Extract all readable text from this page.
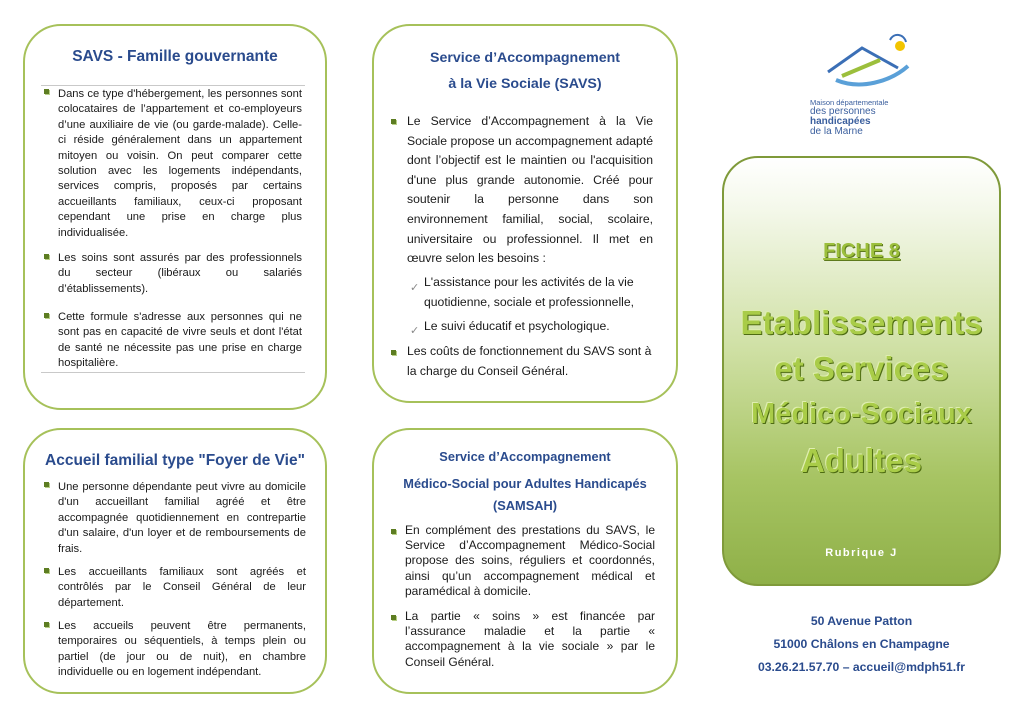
SAVS - Famille gouvernante
Dans ce type d'hébergement, les personnes sont colocataires de l’appartement et co-employeurs d’une auxiliaire de vie (ou garde-malade). Celle-ci réside généralement dans un appartement mitoyen ou voisin. On peut comparer cette solution avec les logements indépendants, services compris, proposés par certains accueillants familiaux, ceux-ci proposant cependant une prise en charge plus individualisée.
Les soins sont assurés par des professionnels du secteur (libéraux ou salariés d’établissements).
Cette formule s'adresse aux personnes qui ne sont pas en capacité de vivre seuls et dont l'état de santé ne nécessite pas une prise en charge hospitalière.
Service d’Accompagnement
à la Vie Sociale (SAVS)
Le Service d’Accompagnement à la Vie Sociale propose un accompagnement adapté dont l’objectif est le maintien ou l'acquisition d'une plus grande autonomie. Créé pour soutenir la personne dans son environnement familial, social, scolaire, universitaire ou professionnel. Il met en œuvre selon les besoins :
✓ L'assistance pour les activités de la vie quotidienne, sociale et professionnelle,
✓ Le suivi éducatif et psychologique.
Les coûts de fonctionnement du SAVS sont à la charge du Conseil Général.
Accueil familial type "Foyer de Vie"
Une personne dépendante peut vivre au domicile d'un accueillant familial agréé et être accompagnée quotidiennement en contrepartie d'un salaire, d'un loyer et de remboursements de frais.
Les accueillants familiaux sont agréés et contrôlés par le Conseil Général de leur département.
Les accueils peuvent être permanents, temporaires ou séquentiels, à temps plein ou partiel (de jour ou de nuit), en chambre individuelle ou en logement indépendant.
Service d’Accompagnement
Médico-Social pour Adultes Handicapés
(SAMSAH)
En complément des prestations du SAVS, le Service d’Accompagnement Médico-Social propose des soins, réguliers et coordonnés, ainsi qu’un accompagnement médical et paramédical à domicile.
La partie « soins » est financée par l’assurance maladie et la partie « accompagnement à la vie sociale » par le Conseil Général.
Maison départementale
des personnes
handicapées
de la Marne
FICHE 8
Etablissements
et Services
Médico-Sociaux
Adultes
Rubrique J
50 Avenue Patton
51000 Châlons en Champagne
03.26.21.57.70 – accueil@mdph51.fr
